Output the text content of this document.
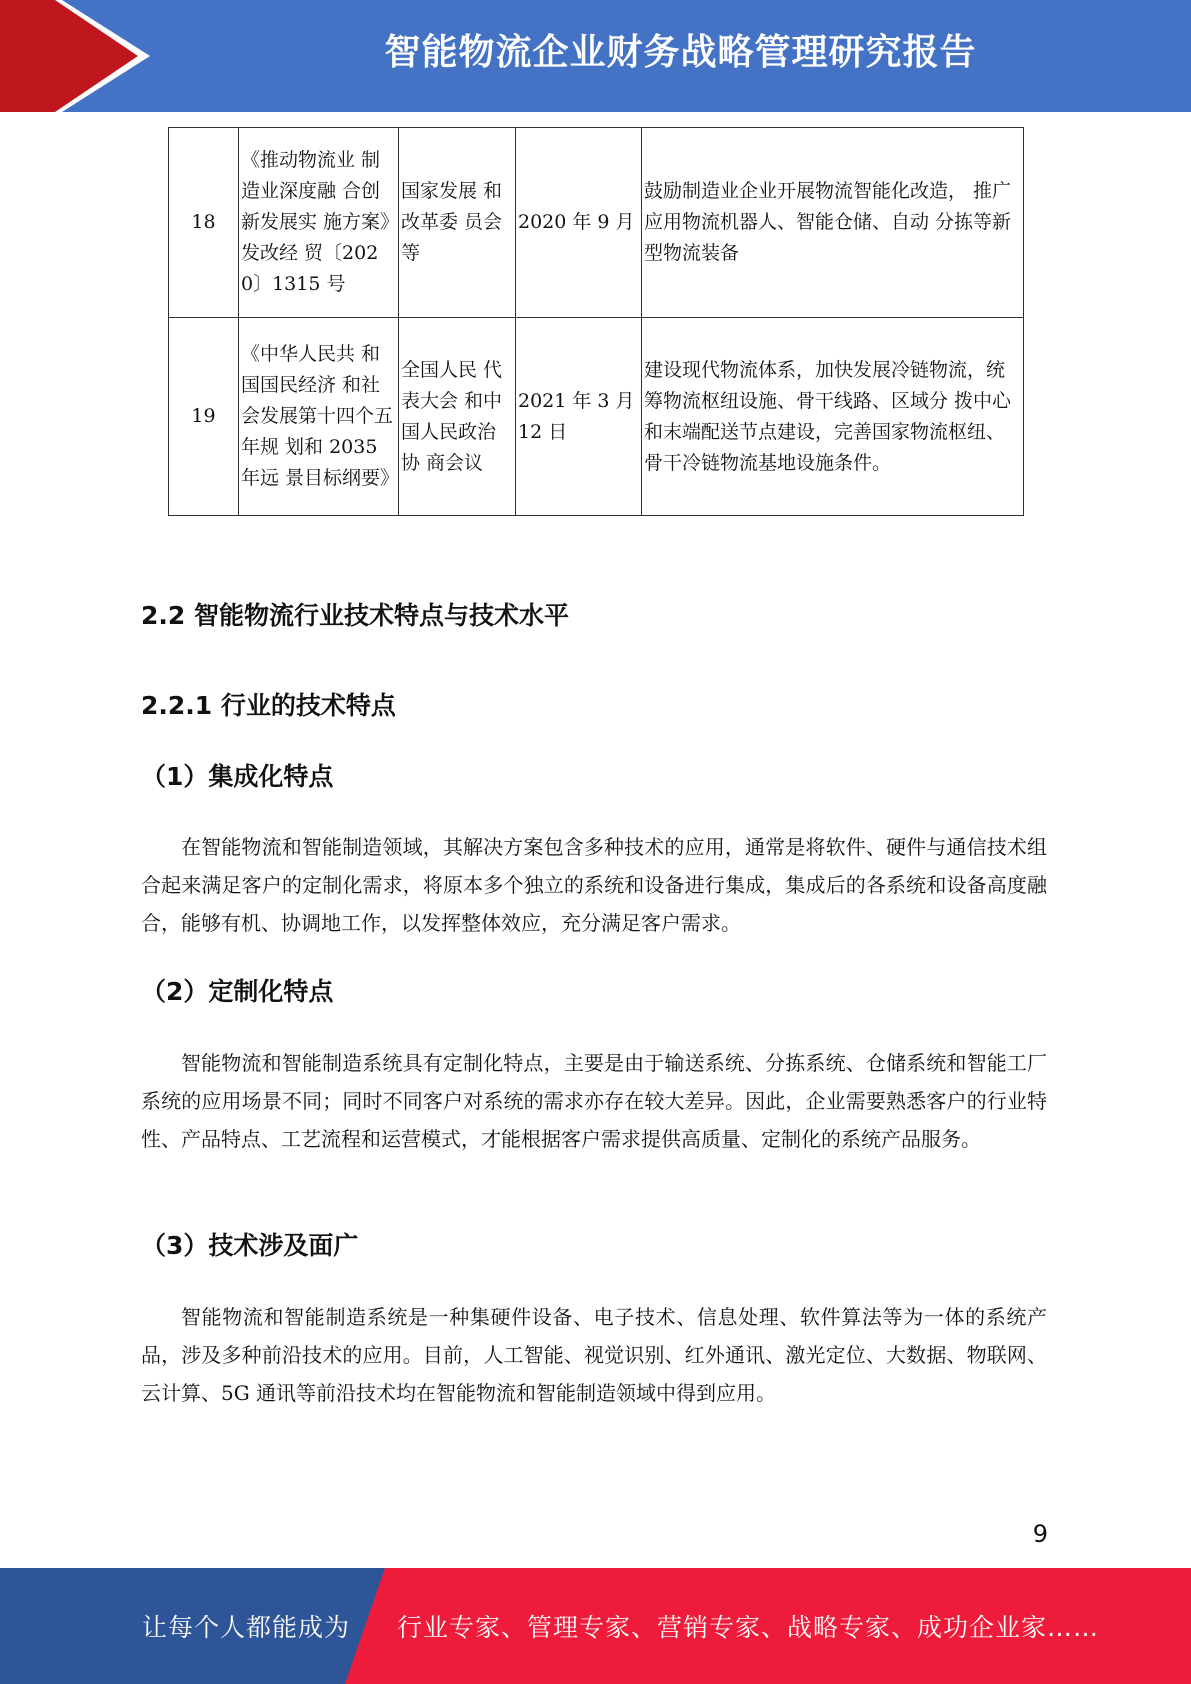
智能物流企业财务战略管理研究报告
18	《推动物流业 制造业深度融 合创新发展实 施方案》发改经 贸〔2020〕1315 号	国家发展 和改革委 员会等	2020 年 9 月	鼓励制造业企业开展物流智能化改造， 推广应用物流机器人、智能仓储、自动 分拣等新型物流装备
19	《中华人民共 和国国民经济 和社会发展第十四个五年规 划和 2035 年远 景目标纲要》	全国人民 代表大会 和中国人民政治协 商会议	2021 年 3 月 12 日	建设现代物流体系，加快发展冷链物流，统筹物流枢纽设施、骨干线路、区域分 拨中心和末端配送节点建设，完善国家物流枢纽、骨干冷链物流基地设施条件。
2.2 智能物流行业技术特点与技术水平
2.2.1 行业的技术特点
（1）集成化特点

在智能物流和智能制造领域，其解决方案包含多种技术的应用，通常是将软件、硬件与通信技术组合起来满足客户的定制化需求，将原本多个独立的系统和设备进行集成，集成后的各系统和设备高度融合，能够有机、协调地工作，以发挥整体效应，充分满足客户需求。

（2）定制化特点

智能物流和智能制造系统具有定制化特点，主要是由于输送系统、分拣系统、仓储系统和智能工厂系统的应用场景不同；同时不同客户对系统的需求亦存在较大差异。因此，企业需要熟悉客户的行业特性、产品特点、工艺流程和运营模式，才能根据客户需求提供高质量、定制化的系统产品服务。

（3）技术涉及面广

智能物流和智能制造系统是一种集硬件设备、电子技术、信息处理、软件算法等为一体的系统产品，涉及多种前沿技术的应用。目前，人工智能、视觉识别、红外通讯、激光定位、大数据、物联网、云计算、5G 通讯等前沿技术均在智能物流和智能制造领域中得到应用。

9
让每个人都能成为 行业专家、管理专家、营销专家、战略专家、成功企业家……
